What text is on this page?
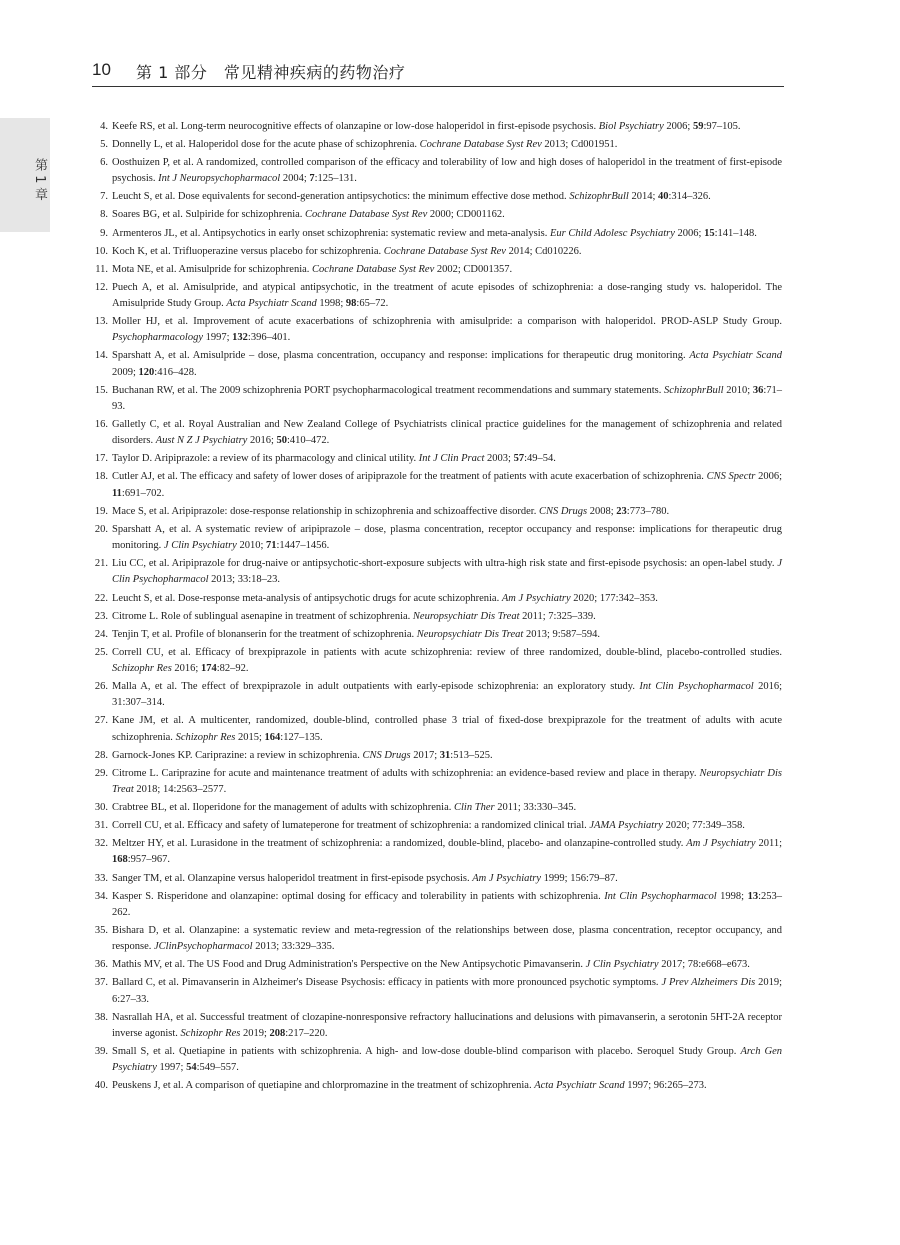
10 第 1 部分　常见精神疾病的药物治疗
第 1 章
4. Keefe RS, et al. Long-term neurocognitive effects of olanzapine or low-dose haloperidol in first-episode psychosis. Biol Psychiatry 2006; 59:97–105.
5. Donnelly L, et al. Haloperidol dose for the acute phase of schizophrenia. Cochrane Database Syst Rev 2013; Cd001951.
6. Oosthuizen P, et al. A randomized, controlled comparison of the efficacy and tolerability of low and high doses of haloperidol in the treatment of first-episode psychosis. Int J Neuropsychopharmacol 2004; 7:125–131.
7. Leucht S, et al. Dose equivalents for second-generation antipsychotics: the minimum effective dose method. SchizophrBull 2014; 40:314–326.
8. Soares BG, et al. Sulpiride for schizophrenia. Cochrane Database Syst Rev 2000; CD001162.
9. Armenteros JL, et al. Antipsychotics in early onset schizophrenia: systematic review and meta-analysis. Eur Child Adolesc Psychiatry 2006; 15:141–148.
10. Koch K, et al. Trifluoperazine versus placebo for schizophrenia. Cochrane Database Syst Rev 2014; Cd010226.
11. Mota NE, et al. Amisulpride for schizophrenia. Cochrane Database Syst Rev 2002; CD001357.
12. Puech A, et al. Amisulpride, and atypical antipsychotic, in the treatment of acute episodes of schizophrenia: a dose-ranging study vs. haloperidol. The Amisulpride Study Group. Acta Psychiatr Scand 1998; 98:65–72.
13. Moller HJ, et al. Improvement of acute exacerbations of schizophrenia with amisulpride: a comparison with haloperidol. PROD-ASLP Study Group. Psychopharmacology 1997; 132:396–401.
14. Sparshatt A, et al. Amisulpride – dose, plasma concentration, occupancy and response: implications for therapeutic drug monitoring. Acta Psychiatr Scand 2009; 120:416–428.
15. Buchanan RW, et al. The 2009 schizophrenia PORT psychopharmacological treatment recommendations and summary statements. SchizophrBull 2010; 36:71–93.
16. Galletly C, et al. Royal Australian and New Zealand College of Psychiatrists clinical practice guidelines for the management of schizophrenia and related disorders. Aust N Z J Psychiatry 2016; 50:410–472.
17. Taylor D. Aripiprazole: a review of its pharmacology and clinical utility. Int J Clin Pract 2003; 57:49–54.
18. Cutler AJ, et al. The efficacy and safety of lower doses of aripiprazole for the treatment of patients with acute exacerbation of schizophrenia. CNS Spectr 2006; 11:691–702.
19. Mace S, et al. Aripiprazole: dose-response relationship in schizophrenia and schizoaffective disorder. CNS Drugs 2008; 23:773–780.
20. Sparshatt A, et al. A systematic review of aripiprazole – dose, plasma concentration, receptor occupancy and response: implications for therapeutic drug monitoring. J Clin Psychiatry 2010; 71:1447–1456.
21. Liu CC, et al. Aripiprazole for drug-naive or antipsychotic-short-exposure subjects with ultra-high risk state and first-episode psychosis: an open-label study. J Clin Psychopharmacol 2013; 33:18–23.
22. Leucht S, et al. Dose-response meta-analysis of antipsychotic drugs for acute schizophrenia. Am J Psychiatry 2020; 177:342–353.
23. Citrome L. Role of sublingual asenapine in treatment of schizophrenia. Neuropsychiatr Dis Treat 2011; 7:325–339.
24. Tenjin T, et al. Profile of blonanserin for the treatment of schizophrenia. Neuropsychiatr Dis Treat 2013; 9:587–594.
25. Correll CU, et al. Efficacy of brexpiprazole in patients with acute schizophrenia: review of three randomized, double-blind, placebo-controlled studies. Schizophr Res 2016; 174:82–92.
26. Malla A, et al. The effect of brexpiprazole in adult outpatients with early-episode schizophrenia: an exploratory study. Int Clin Psychopharmacol 2016; 31:307–314.
27. Kane JM, et al. A multicenter, randomized, double-blind, controlled phase 3 trial of fixed-dose brexpiprazole for the treatment of adults with acute schizophrenia. Schizophr Res 2015; 164:127–135.
28. Garnock-Jones KP. Cariprazine: a review in schizophrenia. CNS Drugs 2017; 31:513–525.
29. Citrome L. Cariprazine for acute and maintenance treatment of adults with schizophrenia: an evidence-based review and place in therapy. Neuropsychiatr Dis Treat 2018; 14:2563–2577.
30. Crabtree BL, et al. Iloperidone for the management of adults with schizophrenia. Clin Ther 2011; 33:330–345.
31. Correll CU, et al. Efficacy and safety of lumateperone for treatment of schizophrenia: a randomized clinical trial. JAMA Psychiatry 2020; 77:349–358.
32. Meltzer HY, et al. Lurasidone in the treatment of schizophrenia: a randomized, double-blind, placebo- and olanzapine-controlled study. Am J Psychiatry 2011; 168:957–967.
33. Sanger TM, et al. Olanzapine versus haloperidol treatment in first-episode psychosis. Am J Psychiatry 1999; 156:79–87.
34. Kasper S. Risperidone and olanzapine: optimal dosing for efficacy and tolerability in patients with schizophrenia. Int Clin Psychopharmacol 1998; 13:253–262.
35. Bishara D, et al. Olanzapine: a systematic review and meta-regression of the relationships between dose, plasma concentration, receptor occupancy, and response. JClinPsychopharmacol 2013; 33:329–335.
36. Mathis MV, et al. The US Food and Drug Administration's Perspective on the New Antipsychotic Pimavanserin. J Clin Psychiatry 2017; 78:e668–e673.
37. Ballard C, et al. Pimavanserin in Alzheimer's Disease Psychosis: efficacy in patients with more pronounced psychotic symptoms. J Prev Alzheimers Dis 2019; 6:27–33.
38. Nasrallah HA, et al. Successful treatment of clozapine-nonresponsive refractory hallucinations and delusions with pimavanserin, a serotonin 5HT-2A receptor inverse agonist. Schizophr Res 2019; 208:217–220.
39. Small S, et al. Quetiapine in patients with schizophrenia. A high- and low-dose double-blind comparison with placebo. Seroquel Study Group. Arch Gen Psychiatry 1997; 54:549–557.
40. Peuskens J, et al. A comparison of quetiapine and chlorpromazine in the treatment of schizophrenia. Acta Psychiatr Scand 1997; 96:265–273.
